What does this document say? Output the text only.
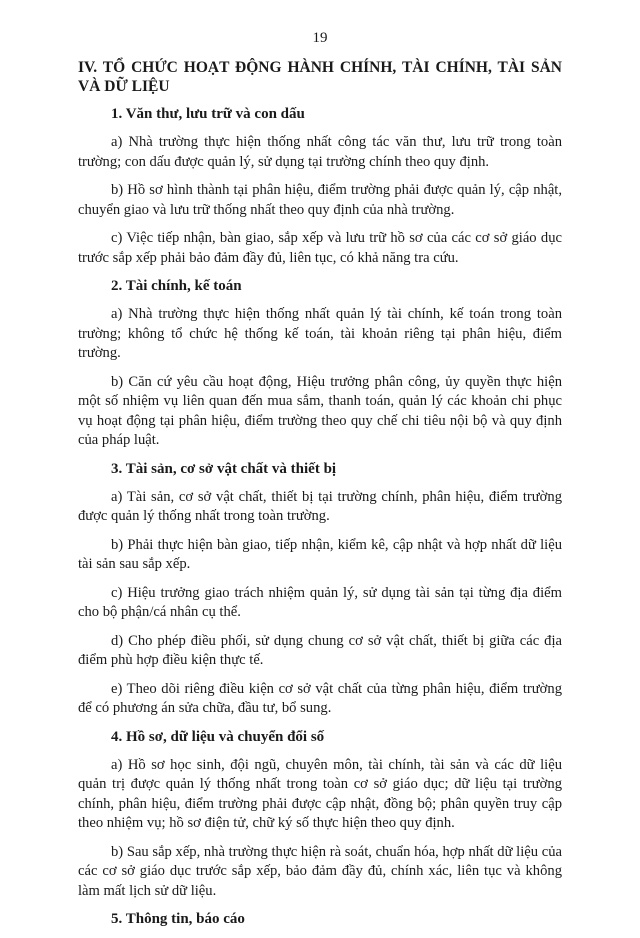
19
IV. TỔ CHỨC HOẠT ĐỘNG HÀNH CHÍNH, TÀI CHÍNH, TÀI SẢN VÀ DỮ LIỆU
1. Văn thư, lưu trữ và con dấu

a) Nhà trường thực hiện thống nhất công tác văn thư, lưu trữ trong toàn trường; con dấu được quản lý, sử dụng tại trường chính theo quy định.

b) Hồ sơ hình thành tại phân hiệu, điểm trường phải được quản lý, cập nhật, chuyển giao và lưu trữ thống nhất theo quy định của nhà trường.

c) Việc tiếp nhận, bàn giao, sắp xếp và lưu trữ hồ sơ của các cơ sở giáo dục trước sắp xếp phải bảo đảm đầy đủ, liên tục, có khả năng tra cứu.

2. Tài chính, kế toán

a) Nhà trường thực hiện thống nhất quản lý tài chính, kế toán trong toàn trường; không tổ chức hệ thống kế toán, tài khoản riêng tại phân hiệu, điểm trường.

b) Căn cứ yêu cầu hoạt động, Hiệu trưởng phân công, ủy quyền thực hiện một số nhiệm vụ liên quan đến mua sắm, thanh toán, quản lý các khoản chi phục vụ hoạt động tại phân hiệu, điểm trường theo quy chế chi tiêu nội bộ và quy định của pháp luật.

3. Tài sản, cơ sở vật chất và thiết bị

a) Tài sản, cơ sở vật chất, thiết bị tại trường chính, phân hiệu, điểm trường được quản lý thống nhất trong toàn trường.

b) Phải thực hiện bàn giao, tiếp nhận, kiểm kê, cập nhật và hợp nhất dữ liệu tài sản sau sắp xếp.

c) Hiệu trưởng giao trách nhiệm quản lý, sử dụng tài sản tại từng địa điểm cho bộ phận/cá nhân cụ thể.

d) Cho phép điều phối, sử dụng chung cơ sở vật chất, thiết bị giữa các địa điểm phù hợp điều kiện thực tế.

e) Theo dõi riêng điều kiện cơ sở vật chất của từng phân hiệu, điểm trường để có phương án sửa chữa, đầu tư, bổ sung.

4. Hồ sơ, dữ liệu và chuyển đổi số

a) Hồ sơ học sinh, đội ngũ, chuyên môn, tài chính, tài sản và các dữ liệu quản trị được quản lý thống nhất trong toàn cơ sở giáo dục; dữ liệu tại trường chính, phân hiệu, điểm trường phải được cập nhật, đồng bộ; phân quyền truy cập theo nhiệm vụ; hồ sơ điện tử, chữ ký số thực hiện theo quy định.

b) Sau sắp xếp, nhà trường thực hiện rà soát, chuẩn hóa, hợp nhất dữ liệu của các cơ sở giáo dục trước sắp xếp, bảo đảm đầy đủ, chính xác, liên tục và không làm mất lịch sử dữ liệu.

5. Thông tin, báo cáo
